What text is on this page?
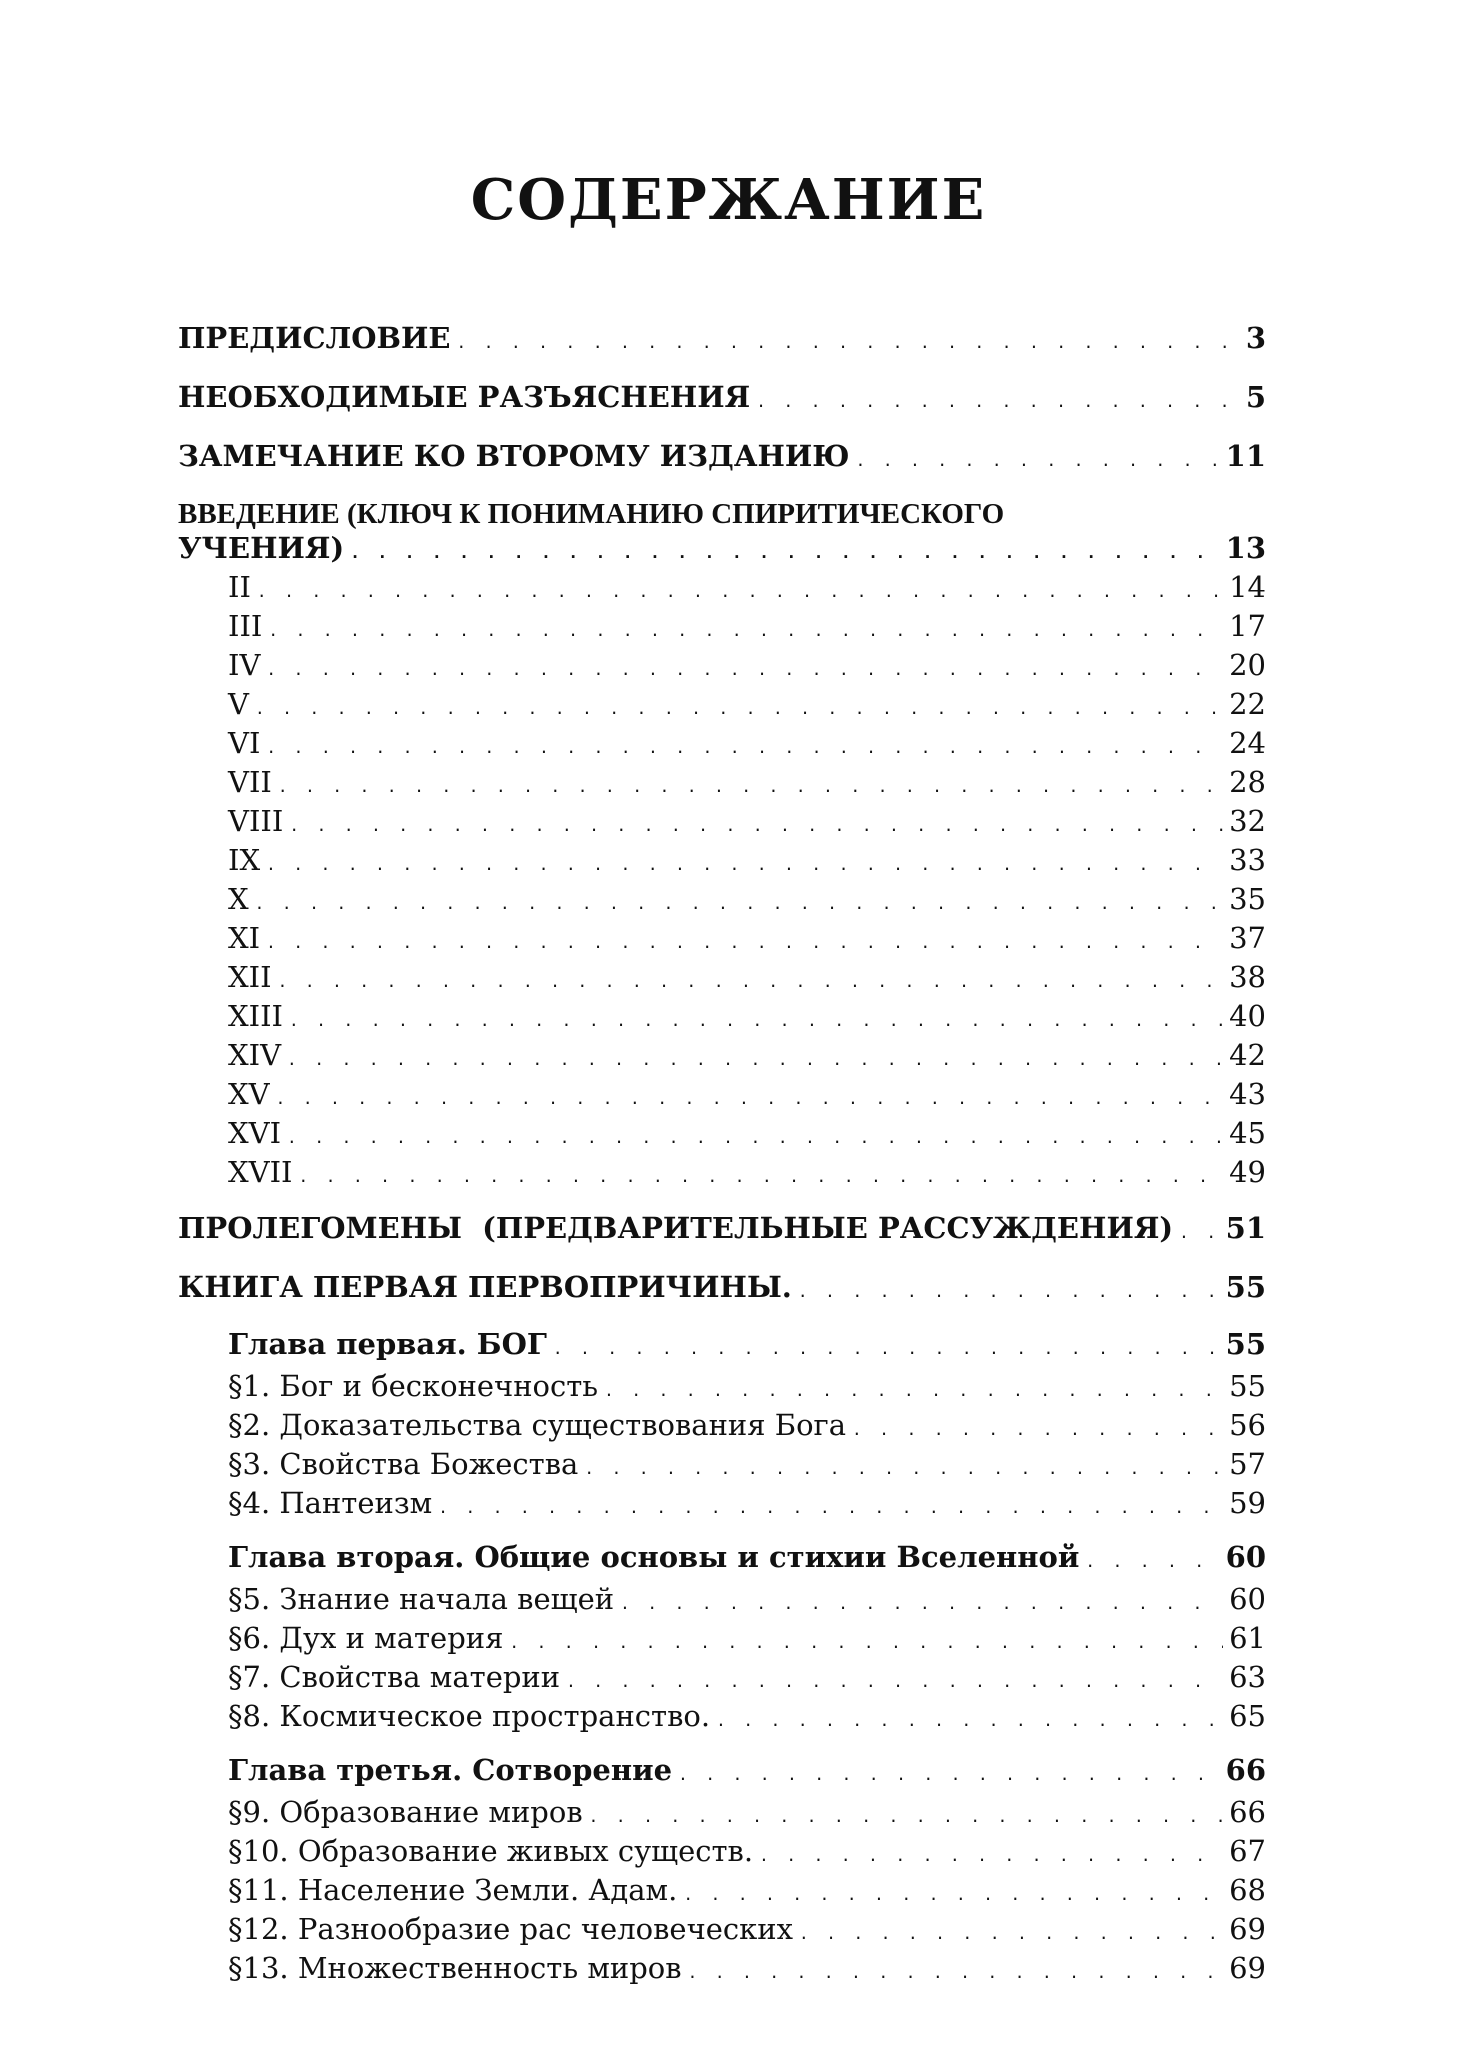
СОДЕРЖАНИЕ
ПРЕДИСЛОВИЕ . . .	3
НЕОБХОДИМЫЕ РАЗЪЯСНЕНИЯ . . .	5
ЗАМЕЧАНИЕ КО ВТОРОМУ ИЗДАНИЮ . . .	11
ВВЕДЕНИЕ (КЛЮЧ К ПОНИМАНИЮ СПИРИТИЧЕСКОГО
УЧЕНИЯ) . . .	13
II . . .	14
III . . .	17
IV . . .	20
V . . .	22
VI . . .	24
VII . . .	28
VIII . . .	32
IX . . .	33
X . . .	35
XI . . .	37
XII . . .	38
XIII . . .	40
XIV . . .	42
XV . . .	43
XVI . . .	45
XVII . . .	49
ПРОЛЕГОМЕНЫ  (ПРЕДВАРИТЕЛЬНЫЕ РАССУЖДЕНИЯ) . . . 51
КНИГА ПЕРВАЯ ПЕРВОПРИЧИНЫ. . . .	55
Глава первая. БОГ . . .	55
§1. Бог и бесконечность . . .	55
§2. Доказательства существования Бога . . .	56
§3. Свойства Божества . . .	57
§4. Пантеизм . . .	59
Глава вторая. Общие основы и стихии Вселенной . . .	60
§5. Знание начала вещей . . .	60
§6. Дух и материя . . .	61
§7. Свойства материи . . .	63
§8. Космическое пространство. . . .	65
Глава третья. Сотворение . . .	66
§9. Образование миров . . .	66
§10. Образование живых существ. . . .	67
§11. Население Земли. Адам. . . .	68
§12. Разнообразие рас человеческих . . .	69
§13. Множественность миров . . .	69
